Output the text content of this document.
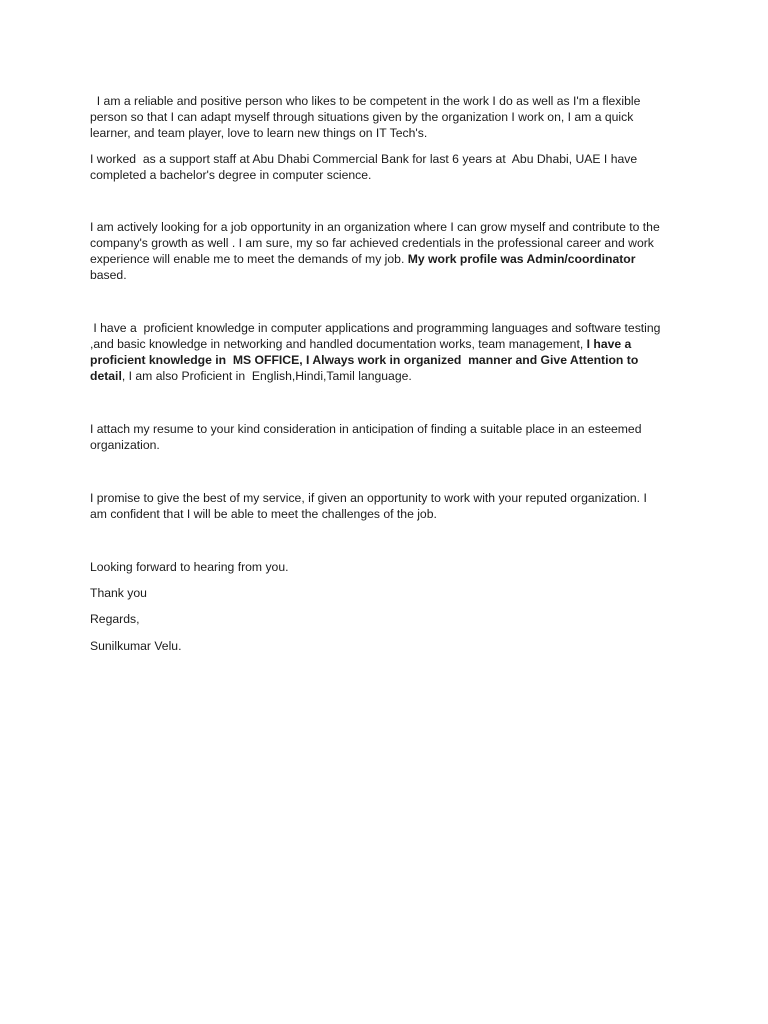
I am a reliable and positive person who likes to be competent in the work I do as well as I'm a flexible
person so that I can adapt myself through situations given by the organization I work on, I am a quick
learner, and team player, love to learn new things on IT Tech's.

I worked  as a support staff at Abu Dhabi Commercial Bank for last 6 years at  Abu Dhabi, UAE I have
completed a bachelor's degree in computer science.

I am actively looking for a job opportunity in an organization where I can grow myself and contribute to the
company's growth as well . I am sure, my so far achieved credentials in the professional career and work
experience will enable me to meet the demands of my job. My work profile was Admin/coordinator
based.

I have a  proficient knowledge in computer applications and programming languages and software testing
,and basic knowledge in networking and handled documentation works, team management, I have a
proficient knowledge in  MS OFFICE, I Always work in organized  manner and Give Attention to
detail, I am also Proficient in  English,Hindi,Tamil language.

I attach my resume to your kind consideration in anticipation of finding a suitable place in an esteemed
organization.

I promise to give the best of my service, if given an opportunity to work with your reputed organization. I
am confident that I will be able to meet the challenges of the job.

Looking forward to hearing from you.

Thank you

Regards,

Sunilkumar Velu.
